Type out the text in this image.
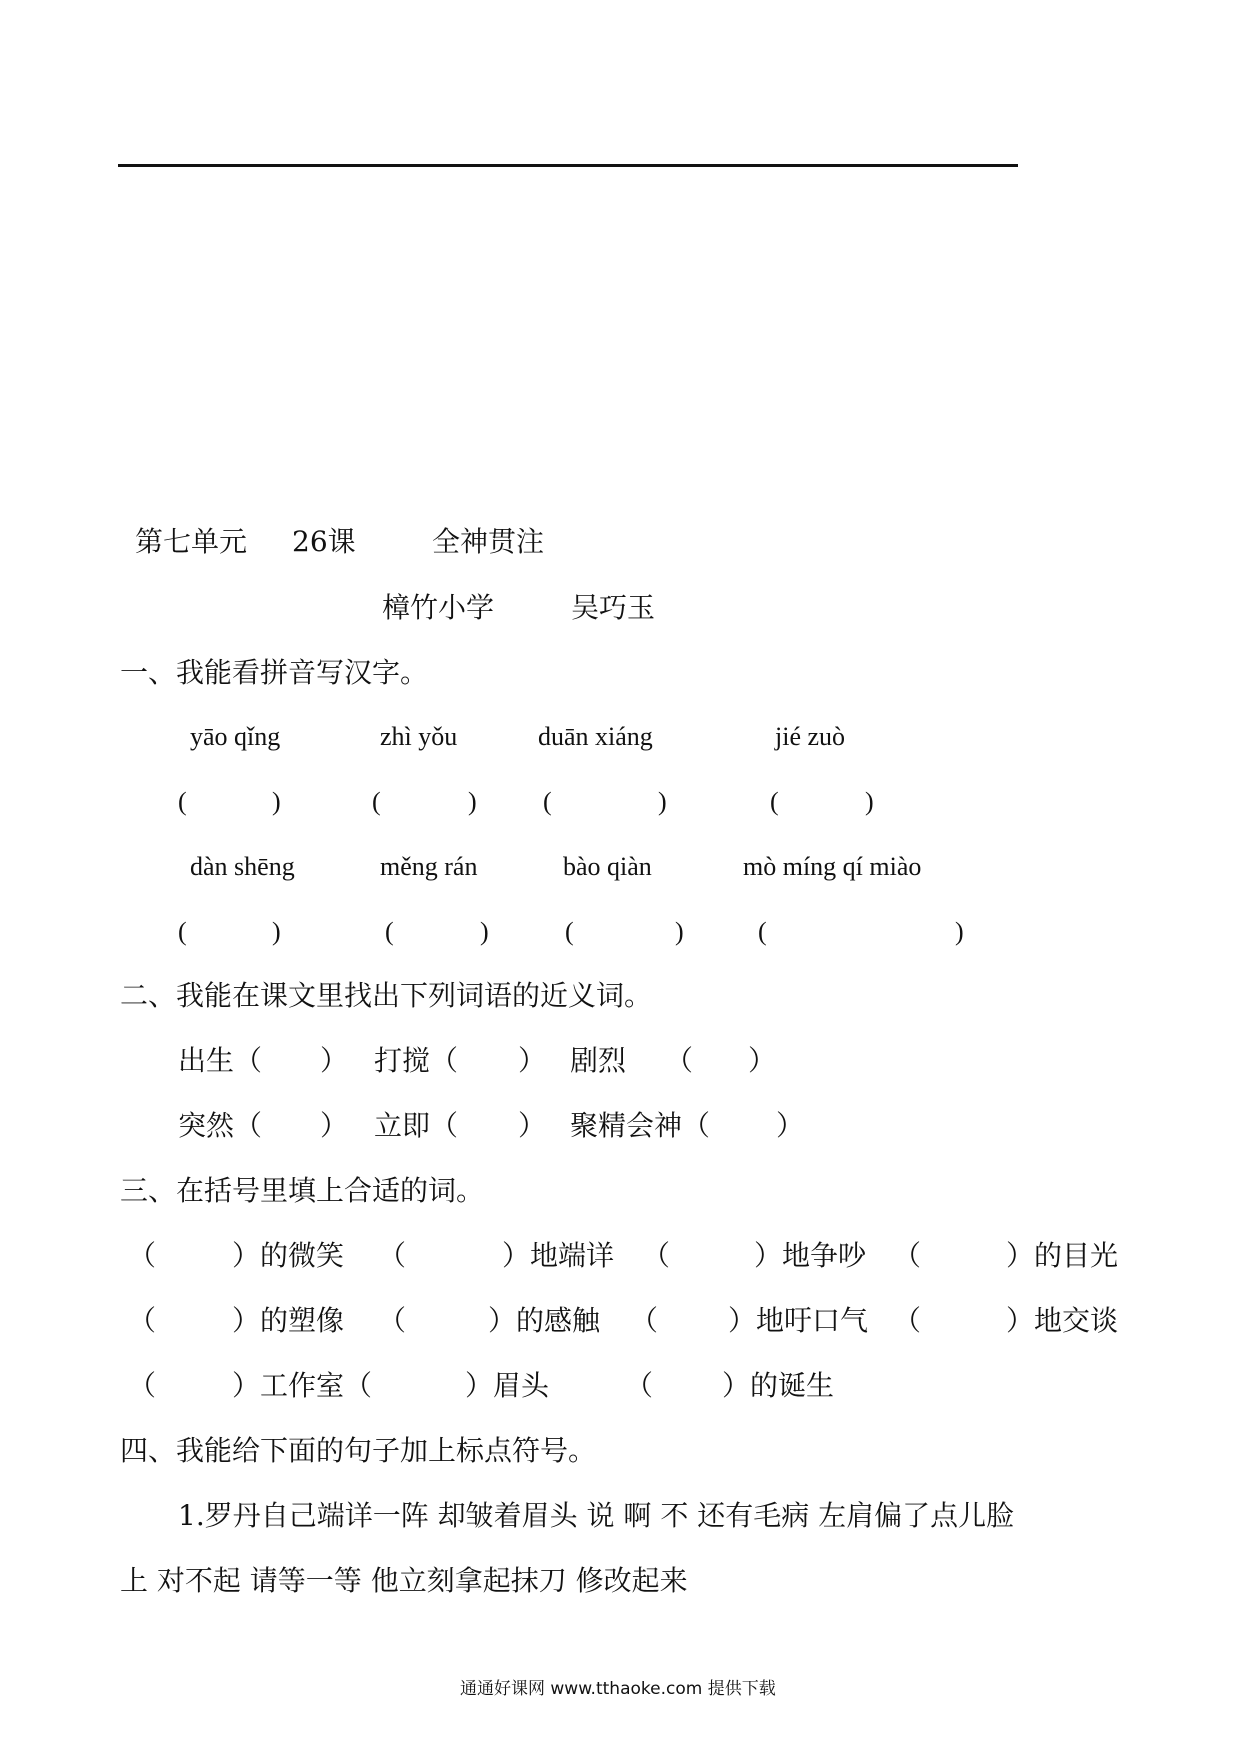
第七单元 26课	全神贯注
樟竹小学	吴巧玉
一、我能看拼音写汉字。
yāo qǐng	zhì yǒu	duān xiáng	jié zuò
(	)	(	)	(	)	(	)
dàn shēng	měng rán	bào qiàn	mò míng qí miào
(	)	(	)	(	)	(	)
二、我能在课文里找出下列词语的近义词。
出生（ ） 打搅（ ） 剧烈 （ ）
突然（ ） 立即（ ） 聚精会神（ ）
三、在括号里填上合适的词。
（	）的微笑 （	）地端详 （	）地争吵 （	）的目光
（	）的塑像 （	）的感触 （ ）地吁口气 （	）地交谈
（	）工作室（	）眉头	（ ）的诞生
四、我能给下面的句子加上标点符号。
1.罗丹自己端详一阵 却皱着眉头 说 啊 不 还有毛病 左肩偏了点儿脸
上 对不起 请等一等 他立刻拿起抹刀 修改起来
通通好课网 www.tthaoke.com 提供下载
